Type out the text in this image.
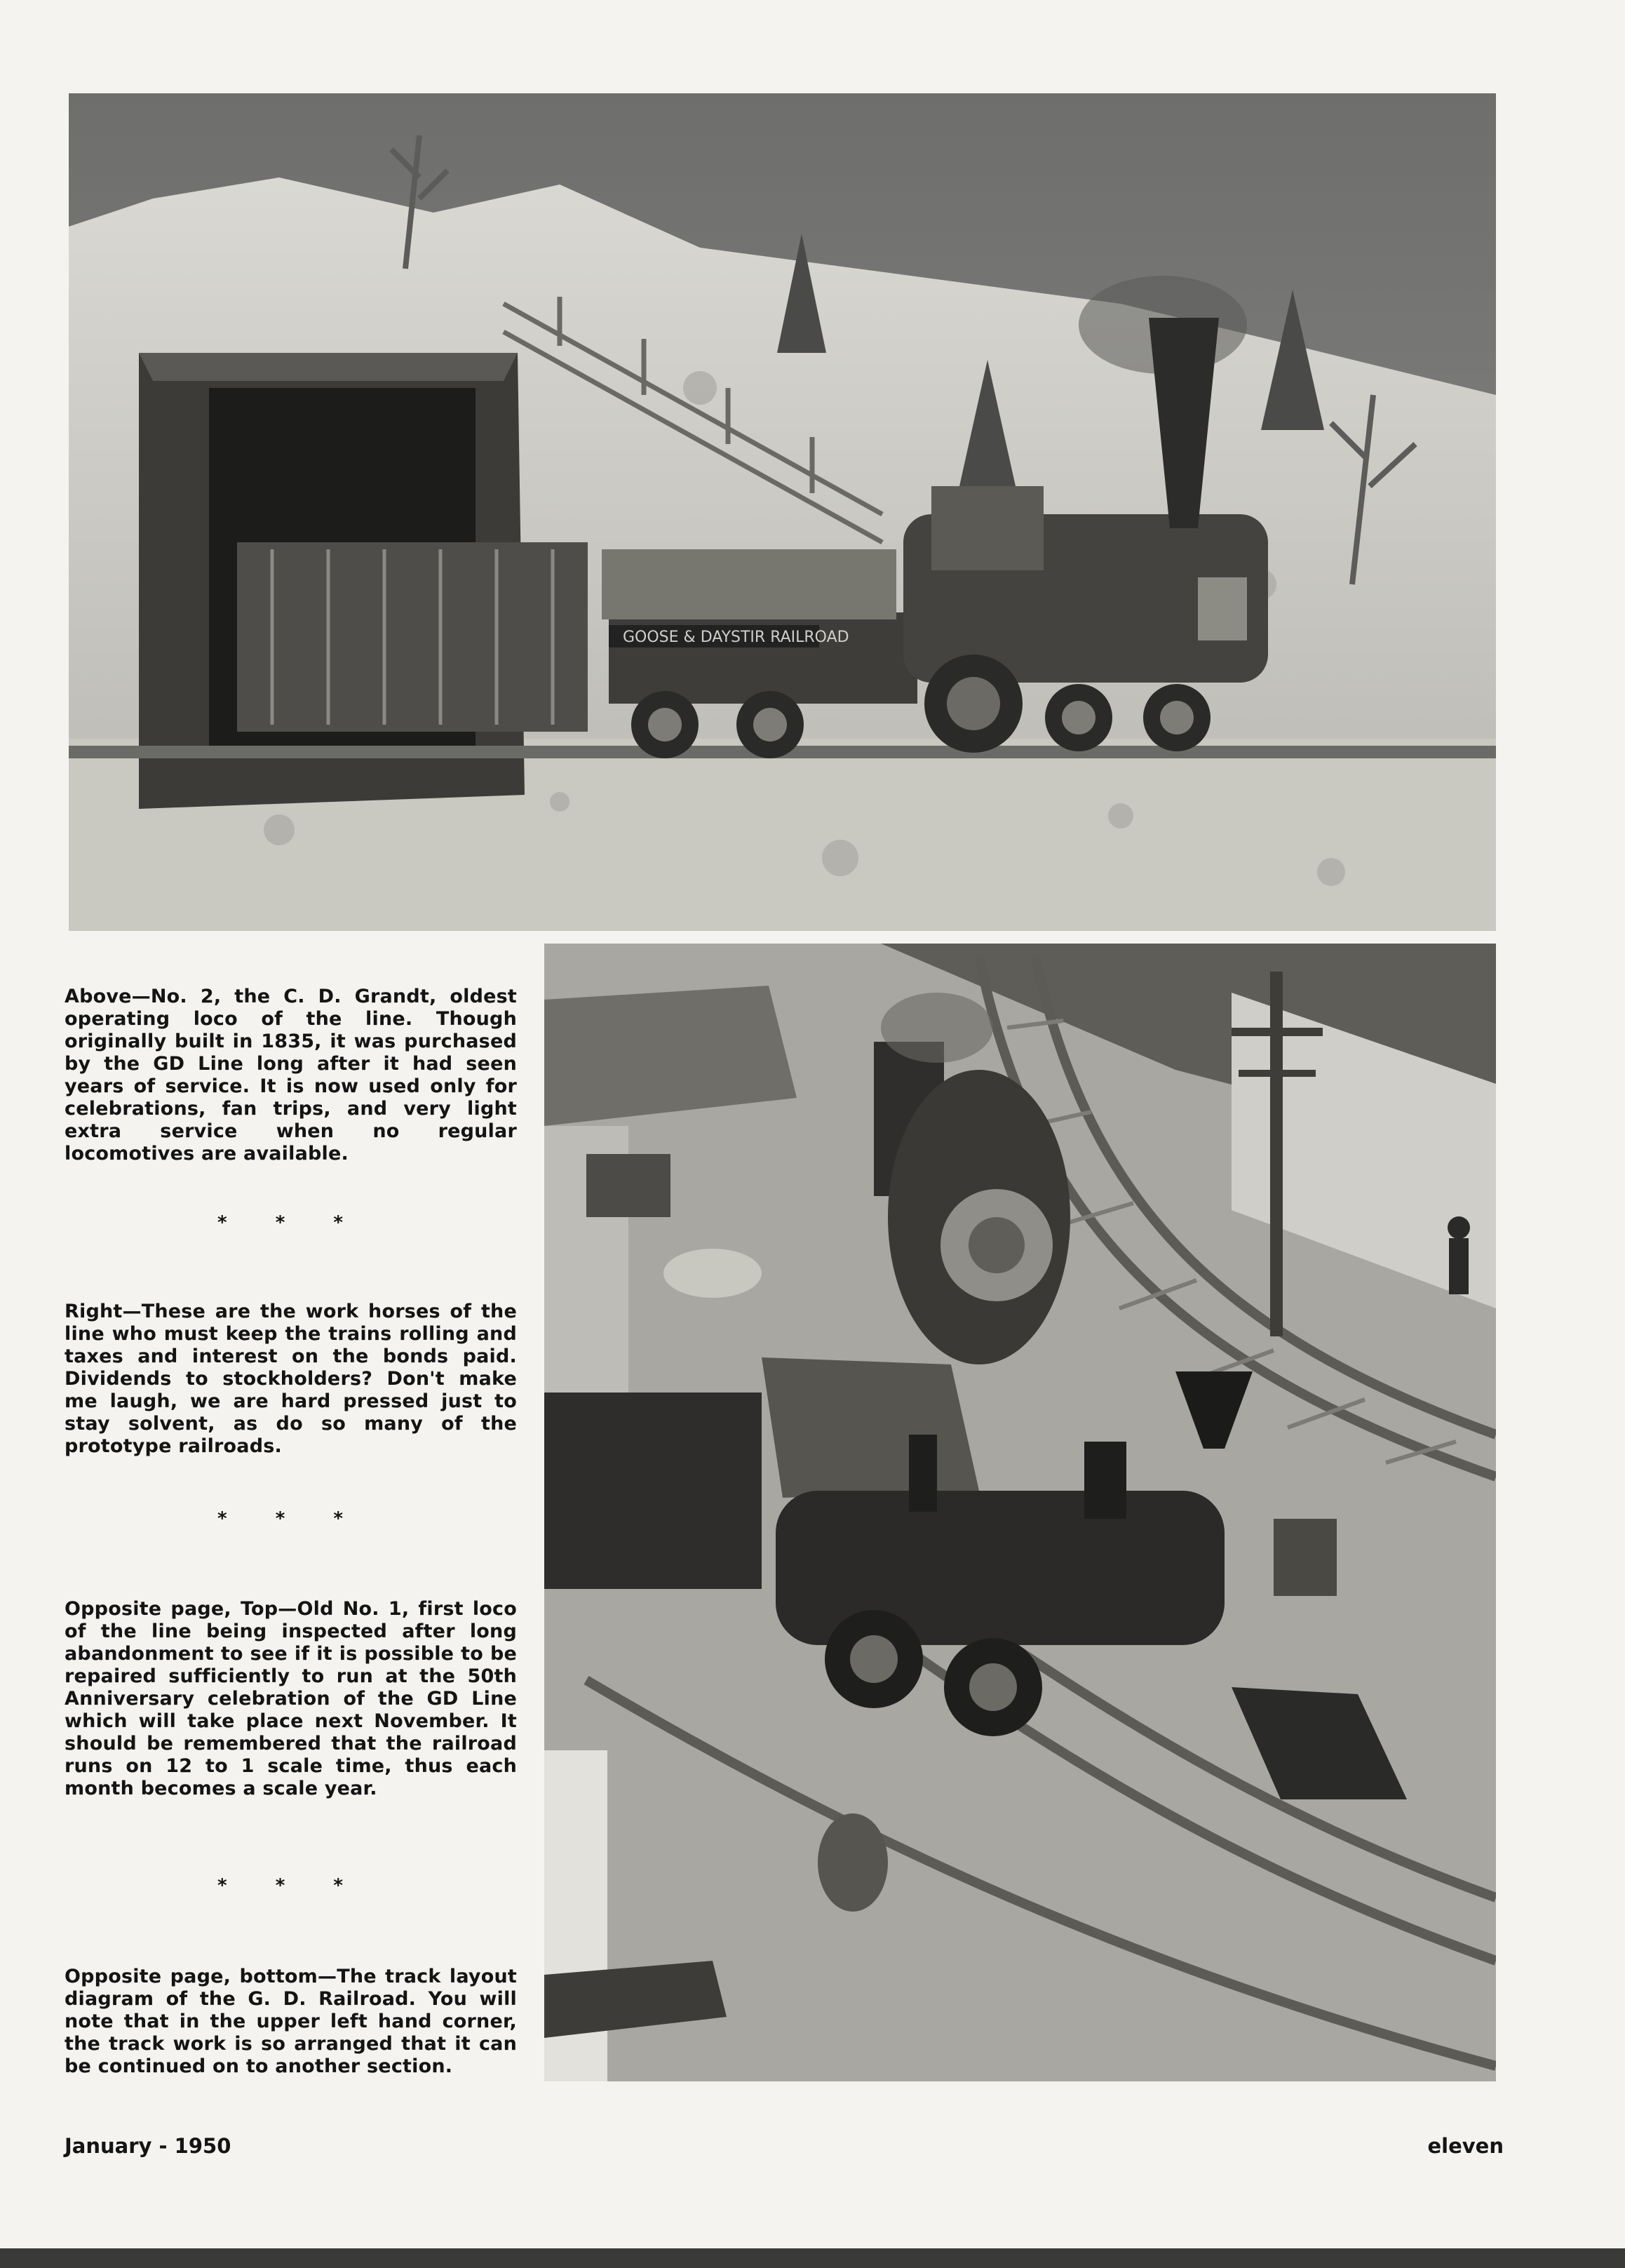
GOOSE & DAYSTIR RAILROAD

Above—No. 2, the C. D. Grandt, oldest operating loco of the line. Though originally built in 1835, it was purchased by the GD Line long after it had seen years of service. It is now used only for celebrations, fan trips, and very light extra service when no regular locomotives are available.

* * *

Right—These are the work horses of the line who must keep the trains rolling and taxes and interest on the bonds paid. Dividends to stockholders? Don't make me laugh, we are hard pressed just to stay solvent, as do so many of the prototype railroads.

* * *

Opposite page, Top—Old No. 1, first loco of the line being inspected after long abandonment to see if it is possible to be repaired sufficiently to run at the 50th Anniversary celebration of the GD Line which will take place next November. It should be remembered that the railroad runs on 12 to 1 scale time, thus each month becomes a scale year.

* * *

Opposite page, bottom—The track layout diagram of the G. D. Railroad. You will note that in the upper left hand corner, the track work is so arranged that it can be continued on to another section.

January - 1950	eleven
